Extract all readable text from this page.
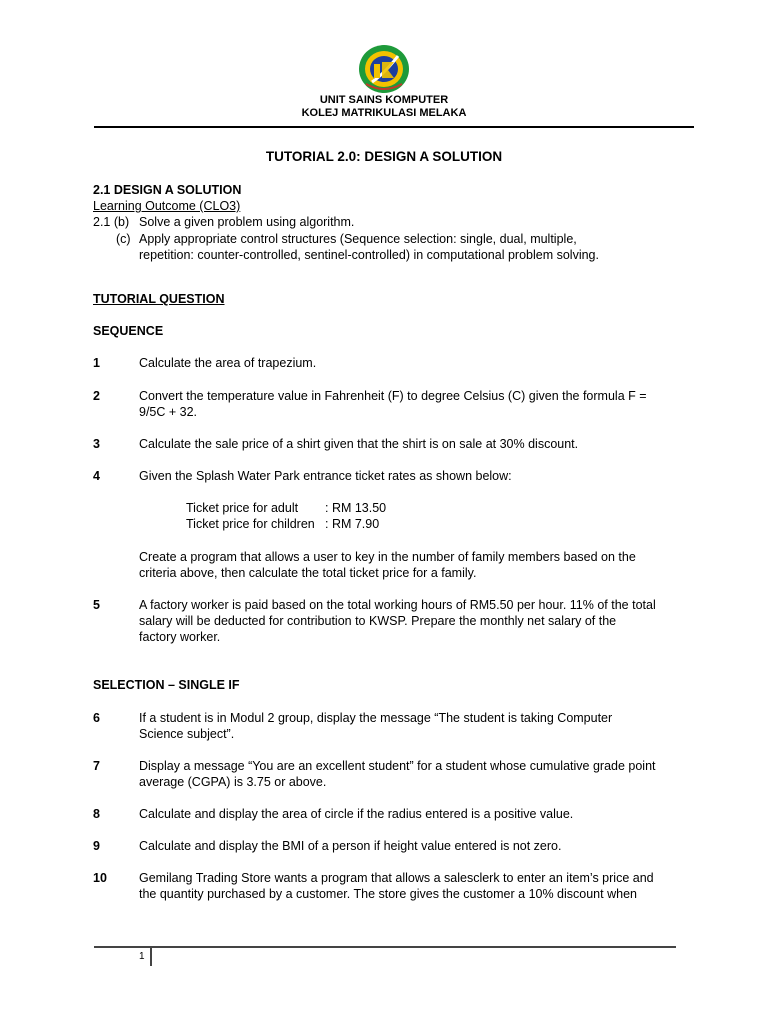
UNIT SAINS KOMPUTER
KOLEJ MATRIKULASI MELAKA
TUTORIAL 2.0: DESIGN A SOLUTION
2.1 DESIGN A SOLUTION
Learning Outcome (CLO3)
2.1 (b) Solve a given problem using algorithm.
(c) Apply appropriate control structures (Sequence selection: single, dual, multiple,
repetition: counter-controlled, sentinel-controlled) in computational problem solving.
TUTORIAL QUESTION
SEQUENCE
1	Calculate the area of trapezium.
2	Convert the temperature value in Fahrenheit (F) to degree Celsius (C) given the formula F =
9/5C + 32.
3	Calculate the sale price of a shirt given that the shirt is on sale at 30% discount.
4	Given the Splash Water Park entrance ticket rates as shown below:
Ticket price for adult : RM 13.50
Ticket price for children : RM 7.90
Create a program that allows a user to key in the number of family members based on the
criteria above, then calculate the total ticket price for a family.
5	A factory worker is paid based on the total working hours of RM5.50 per hour. 11% of the total
salary will be deducted for contribution to KWSP. Prepare the monthly net salary of the
factory worker.
SELECTION – SINGLE IF
6	If a student is in Modul 2 group, display the message “The student is taking Computer
Science subject”.
7	Display a message “You are an excellent student” for a student whose cumulative grade point
average (CGPA) is 3.75 or above.
8	Calculate and display the area of circle if the radius entered is a positive value.
9	Calculate and display the BMI of a person if height value entered is not zero.
10	Gemilang Trading Store wants a program that allows a salesclerk to enter an item’s price and
the quantity purchased by a customer. The store gives the customer a 10% discount when
1
